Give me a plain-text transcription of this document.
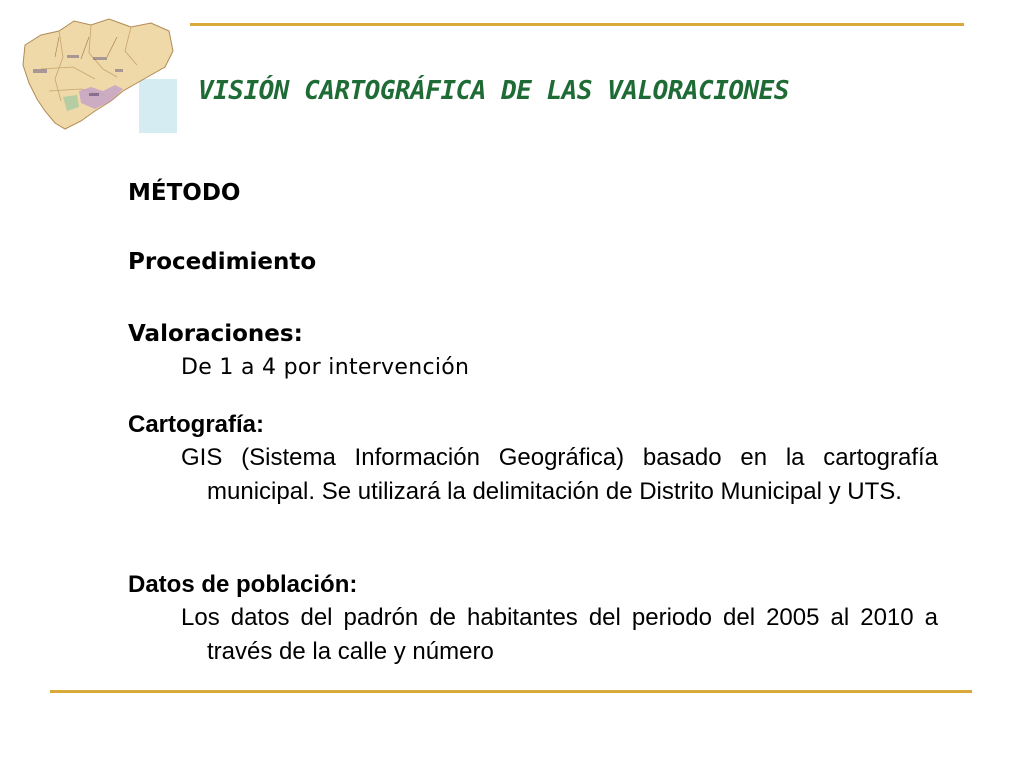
VISIÓN CARTOGRÁFICA DE LAS VALORACIONES
MÉTODO
Procedimiento
Valoraciones:
De 1 a 4 por intervención
Cartografía:
GIS (Sistema Información Geográfica) basado en la cartografía municipal. Se utilizará la delimitación de Distrito Municipal y UTS.
Datos de población:
Los datos del padrón de habitantes del periodo del 2005 al 2010 a través de la calle y número
